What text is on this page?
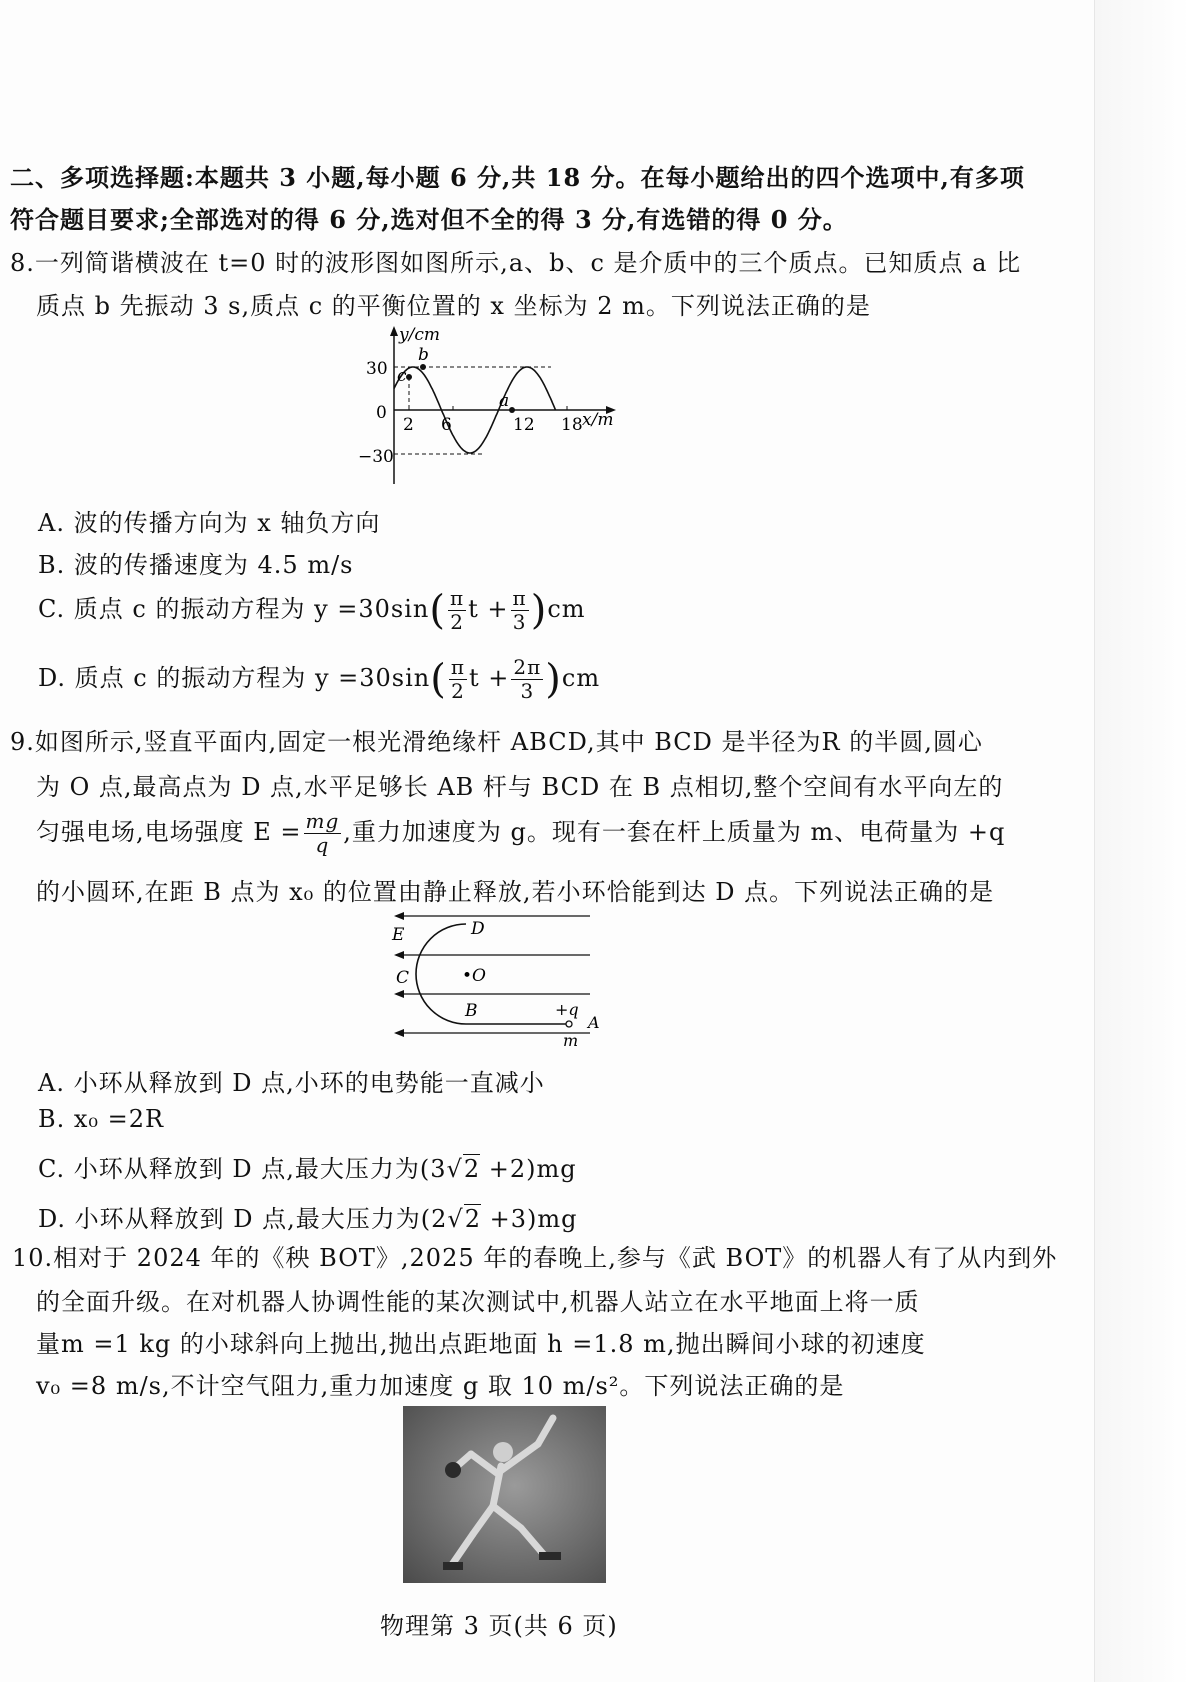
二、多项选择题:本题共 3 小题,每小题 6 分,共 18 分。在每小题给出的四个选项中,有多项
符合题目要求;全部选对的得 6 分,选对但不全的得 3 分,有选错的得 0 分。
8.一列简谐横波在 t=0 时的波形图如图所示,a、b、c 是介质中的三个质点。已知质点 a 比
质点 b 先振动 3 s,质点 c 的平衡位置的 x 坐标为 2 m。下列说法正确的是
y/cm
x/m
30
0
−30
2 6	12 18
c
b
a
A. 波的传播方向为 x 轴负方向
B. 波的传播速度为 4.5 m/s
C. 质点 c 的振动方程为 $y =30\sin( \frac{\pi}{2}$ $t + \frac{\pi}{3} )cm$
D. 质点 c 的振动方程为 $y =30\sin( \frac{\pi}{2}$ $t + \frac{2\pi}{3} )cm$
9.如图所示,竖直平面内,固定一根光滑绝缘杆 ABCD,其中 BCD 是半径为R 的半圆,圆心
为 O 点,最高点为 D 点,水平足够长 AB 杆与 BCD 在 B 点相切,整个空间有水平向左的
匀强电场,电场强度 $E = \frac{mg}{q}$ ,重力加速度为 g。现有一套在杆上质量为 m、电荷量为 +q
的小圆环,在距 B 点为 x₀ 的位置由静止释放,若小环恰能到达 D 点。下列说法正确的是
E	D
C	•O
B	+q
A
m
A. 小环从释放到 D 点,小环的电势能一直减小
B. x₀ =2R
C. 小环从释放到 D 点,最大压力为(3√2 +2)mg
D. 小环从释放到 D 点,最大压力为(2√2 +3)mg
10.相对于 2024 年的《秧 BOT》,2025 年的春晚上,参与《武 BOT》的机器人有了从内到外
的全面升级。在对机器人协调性能的某次测试中,机器人站立在水平地面上将一质
量m =1 kg 的小球斜向上抛出,抛出点距地面 h =1.8 m,抛出瞬间小球的初速度
v₀ =8 m/s,不计空气阻力,重力加速度 g 取 10 m/s²。下列说法正确的是
物理第 3 页(共 6 页)
